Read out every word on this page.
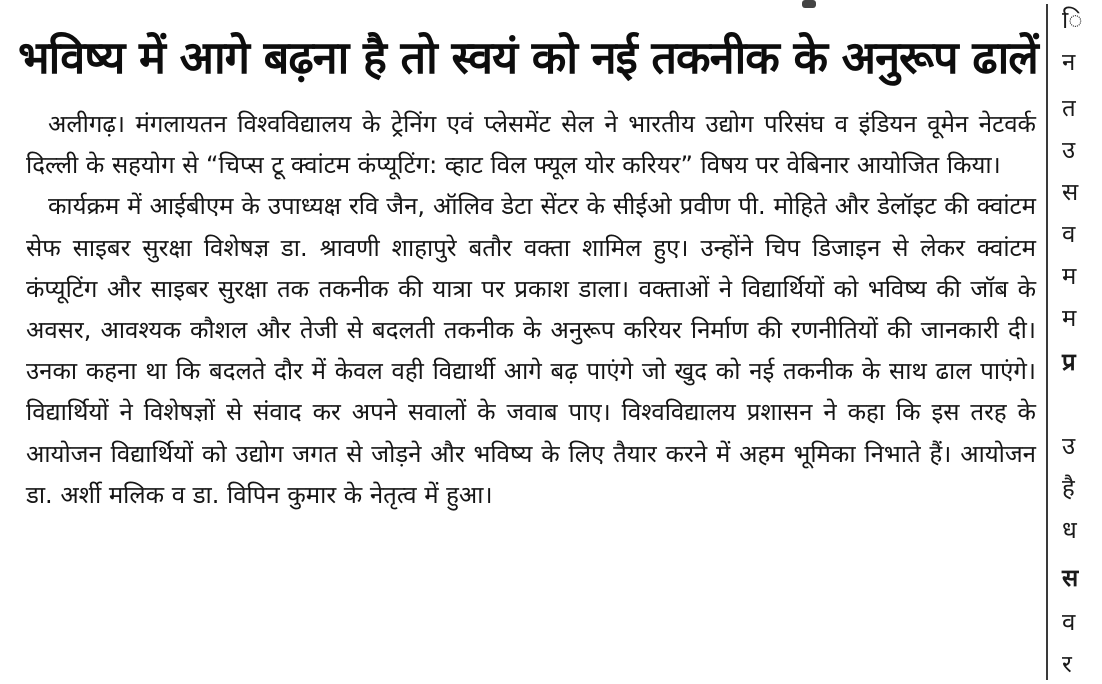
भविष्य में आगे बढ़ना है तो स्वयं को नई तकनीक के अनुरूप ढालें

अलीगढ़। मंगलायतन विश्वविद्यालय के ट्रेनिंग एवं प्लेसमेंट सेल ने भारतीय उद्योग परिसंघ व इंडियन वूमेन नेटवर्क दिल्ली के सहयोग से “चिप्स टू क्वांटम कंप्यूटिंग: व्हाट विल फ्यूल योर करियर” विषय पर वेबिनार आयोजित किया।

कार्यक्रम में आईबीएम के उपाध्यक्ष रवि जैन, ऑलिव डेटा सेंटर के सीईओ प्रवीण पी. मोहिते और डेलॉइट की क्वांटम सेफ साइबर सुरक्षा विशेषज्ञ डा. श्रावणी शाहापुरे बतौर वक्ता शामिल हुए। उन्होंने चिप डिजाइन से लेकर क्वांटम कंप्यूटिंग और साइबर सुरक्षा तक तकनीक की यात्रा पर प्रकाश डाला। वक्ताओं ने विद्यार्थियों को भविष्य की जॉब के अवसर, आवश्यक कौशल और तेजी से बदलती तकनीक के अनुरूप करियर निर्माण की रणनीतियों की जानकारी दी। उनका कहना था कि बदलते दौर में केवल वही विद्यार्थी आगे बढ़ पाएंगे जो खुद को नई तकनीक के साथ ढाल पाएंगे। विद्यार्थियों ने विशेषज्ञों से संवाद कर अपने सवालों के जवाब पाए। विश्वविद्यालय प्रशासन ने कहा कि इस तरह के आयोजन विद्यार्थियों को उद्योग जगत से जोड़ने और भविष्य के लिए तैयार करने में अहम भूमिका निभाते हैं। आयोजन डा. अर्शी मलिक व डा. विपिन कुमार के नेतृत्व में हुआ।

ि
न
त
उ
स
व
म
म
प्र
उ
है
ध
स
व
र
